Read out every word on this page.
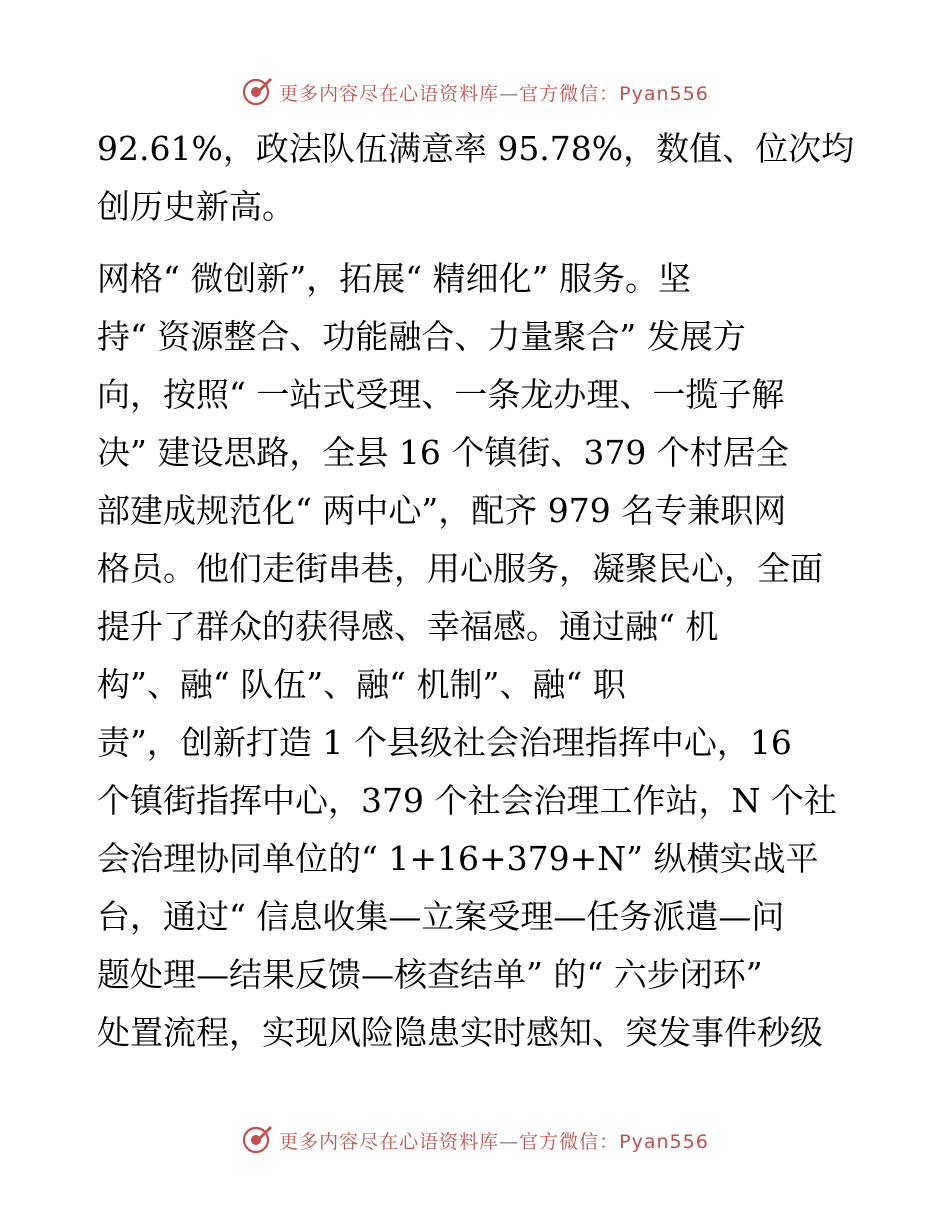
更多内容尽在心语资料库—官方微信：Pyan556
92.61%，政法队伍满意率 95.78%，数值、位次均
创历史新高。
网格“ 微创新”，拓展“ 精细化” 服务。坚
持“ 资源整合、功能融合、力量聚合” 发展方
向，按照“ 一站式受理、一条龙办理、一揽子解
决” 建设思路，全县 16 个镇街、379 个村居全
部建成规范化“ 两中心”，配齐 979 名专兼职网
格员。他们走街串巷，用心服务，凝聚民心，全面
提升了群众的获得感、幸福感。通过融“ 机
构”、融“ 队伍”、融“ 机制”、融“ 职
责”，创新打造 1 个县级社会治理指挥中心，16
个镇街指挥中心，379 个社会治理工作站，N 个社
会治理协同单位的“ 1+16+379+N” 纵横实战平
台，通过“ 信息收集—立案受理—任务派遣—问
题处理—结果反馈—核查结单” 的“ 六步闭环”
处置流程，实现风险隐患实时感知、突发事件秒级
更多内容尽在心语资料库—官方微信：Pyan556
